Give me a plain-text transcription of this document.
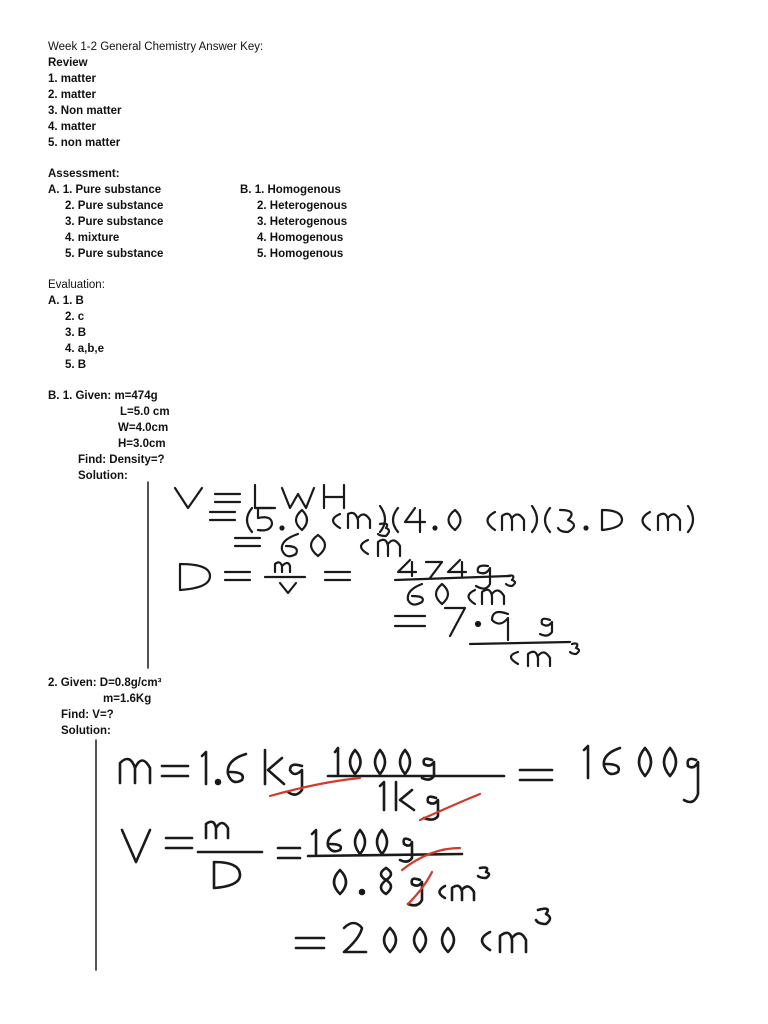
Week 1-2 General Chemistry Answer Key:
Review
1. matter
2. matter
3. Non matter
4. matter
5. non matter
Assessment:
A. 1. Pure substance
2. Pure substance
3. Pure substance
4. mixture
5. Pure substance
B. 1. Homogenous
2. Heterogenous
3. Heterogenous
4. Homogenous
5. Homogenous
Evaluation:
A. 1. B
2. c
3. B
4. a,b,e
5. B
B. 1. Given: m=474g
L=5.0 cm
W=4.0cm
H=3.0cm
Find: Density=?
Solution:
2. Given: D=0.8g/cm³
m=1.6Kg
Find: V=?
Solution:
